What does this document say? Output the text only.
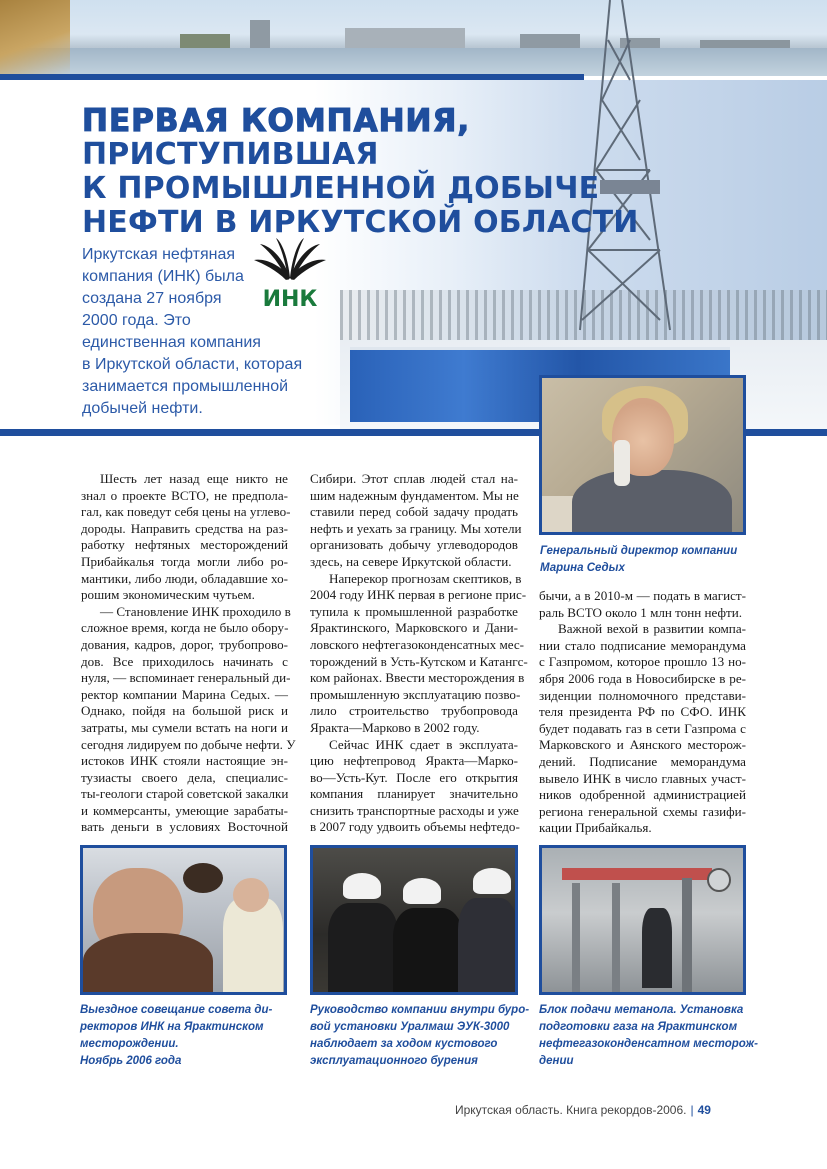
ПЕРВАЯ КОМПАНИЯ,
ПРИСТУПИВШАЯ
К ПРОМЫШЛЕННОЙ ДОБЫЧЕ
НЕФТИ В ИРКУТСКОЙ ОБЛАСТИ
Иркутская нефтяная
компания (ИНК) была
создана 27 ноября
2000 года. Это
единственная компания
в Иркутской области, которая
занимается промышленной
добычей нефти.
ИНК
Генеральный директор компании
Марина Седых
Шесть лет назад еще никто не
знал о проекте ВСТО, не предпола-
гал, как поведут себя цены на углево-
дороды. Направить средства на раз-
работку нефтяных месторождений
Прибайкалья тогда могли либо ро-
мантики, либо люди, обладавшие хо-
рошим экономическим чутьем.
— Становление ИНК проходило в
сложное время, когда не было обору-
дования, кадров, дорог, трубопрово-
дов. Все приходилось начинать с
нуля, — вспоминает генеральный ди-
ректор компании Марина Седых. —
Однако, пойдя на большой риск и
затраты, мы сумели встать на ноги и
сегодня лидируем по добыче нефти. У
истоков ИНК стояли настоящие эн-
тузиасты своего дела, специалис-
ты-геологи старой советской закалки
и коммерсанты, умеющие зарабаты-
вать деньги в условиях Восточной
Сибири. Этот сплав людей стал на-
шим надежным фундаментом. Мы не
ставили перед собой задачу продать
нефть и уехать за границу. Мы хотели
организовать добычу углеводородов
здесь, на севере Иркутской области.
Наперекор прогнозам скептиков, в
2004 году ИНК первая в регионе прис-
тупила к промышленной разработке
Ярактинского, Марковского и Дани-
ловского нефтегазоконденсатных мес-
торождений в Усть-Кутском и Катангс-
ком районах. Ввести месторождения в
промышленную эксплуатацию позво-
лило строительство трубопровода
Яракта—Марково в 2002 году.
Сейчас ИНК сдает в эксплуата-
цию нефтепровод Яракта—Марко-
во—Усть-Кут. После его открытия
компания планирует значительно
снизить транспортные расходы и уже
в 2007 году удвоить объемы нефтедо-
бычи, а в 2010-м — подать в магист-
раль ВСТО около 1 млн тонн нефти.
Важной вехой в развитии компа-
нии стало подписание меморандума
с Газпромом, которое прошло 13 но-
ября 2006 года в Новосибирске в ре-
зиденции полномочного представи-
теля президента РФ по СФО. ИНК
будет подавать газ в сети Газпрома с
Марковского и Аянского месторож-
дений. Подписание меморандума
вывело ИНК в число главных участ-
ников одобренной администрацией
региона генеральной схемы газифи-
кации Прибайкалья.
Выездное совещание совета ди-
ректоров ИНК на Ярактинском
месторождении.
Ноябрь 2006 года
Руководство компании внутри буро-
вой установки Уралмаш ЭУК-3000
наблюдает за ходом кустового
эксплуатационного бурения
Блок подачи метанола. Установка
подготовки газа на Ярактинском
нефтегазоконденсатном месторож-
дении
Иркутская область. Книга рекордов-2006. | 49
